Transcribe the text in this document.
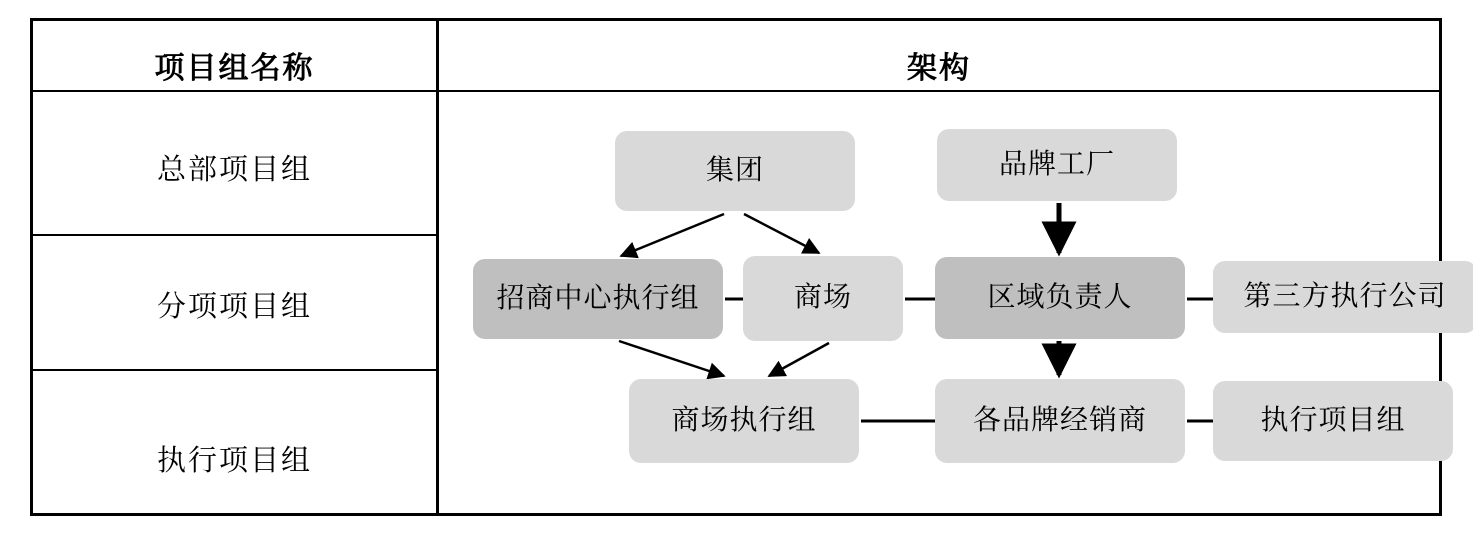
项目组名称	架构
总部项目组
分项项目组
执行项目组
集团	品牌工厂
招商中心执行组	商场	区域负责人	第三方执行公司
商场执行组	各品牌经销商	执行项目组
